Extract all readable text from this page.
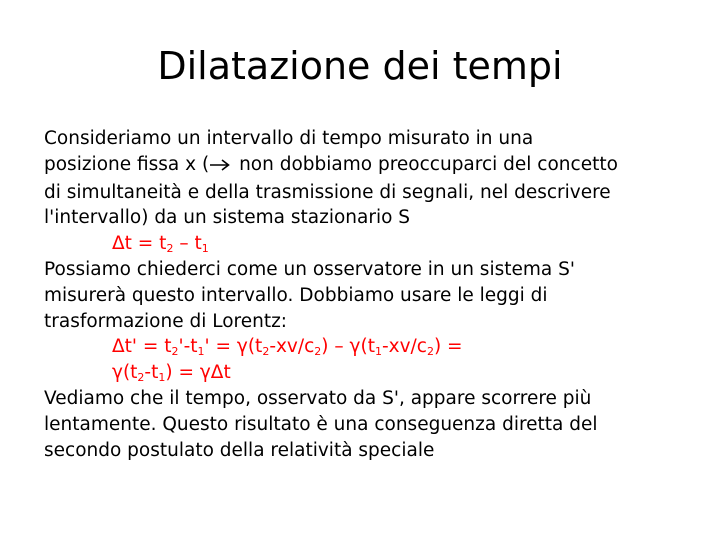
Dilatazione dei tempi
Consideriamo un intervallo di tempo misurato in una
posizione fissa x ( non dobbiamo preoccuparci del concetto
di simultaneità e della trasmissione di segnali, nel descrivere
l'intervallo) da un sistema stazionario S
$\Delta t = t_2 - t_1$
Possiamo chiederci come un osservatore in un sistema S'
misurerà questo intervallo. Dobbiamo usare le leggi di
trasformazione di Lorentz:
$\Delta t' = t_2'-t_1' = \gamma(t_2-xv/c_2) - \gamma(t_1-xv/c_2)$ =
$\gamma(t_2-t_1) = \gamma\Delta t$
Vediamo che il tempo, osservato da S', appare scorrere più
lentamente. Questo risultato è una conseguenza diretta del
secondo postulato della relatività speciale
